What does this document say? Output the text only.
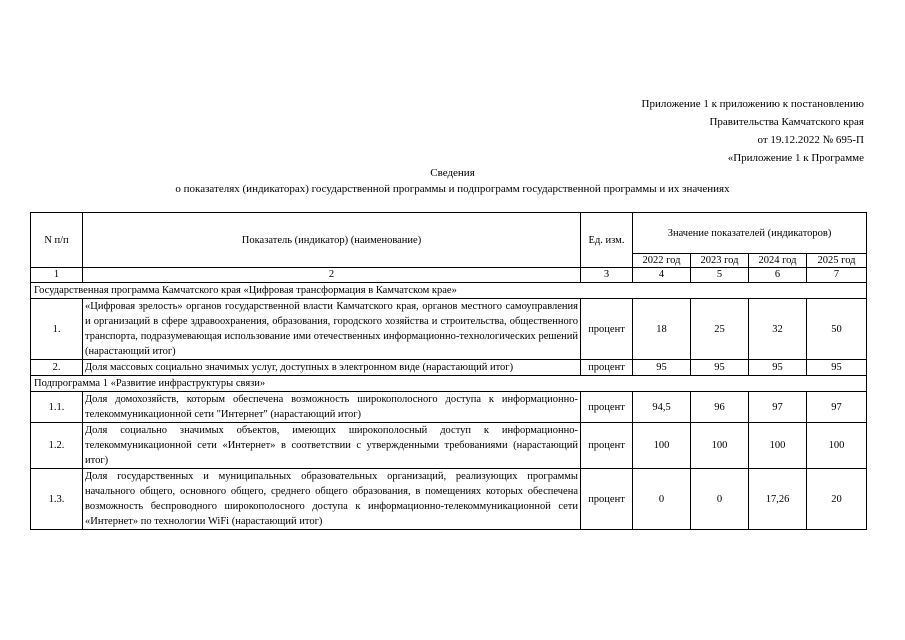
Приложение 1 к приложению к постановлению
Правительства Камчатского края
от 19.12.2022 № 695-П
«Приложение 1 к Программе
Сведения
о показателях (индикаторах) государственной программы и подпрограмм государственной программы и их значениях
N п/п	Показатель (индикатор) (наименование)	Ед. изм.	Значение показателей (индикаторов)			
			2022 год	2023 год	2024 год	2025 год
1	2	3	4	5	6	7
Государственная программа Камчатского края «Цифровая трансформация в Камчатском крае»						
1.	«Цифровая зрелость» органов государственной власти Камчатского края, органов местного самоуправления и организаций в сфере здравоохранения, образования, городского хозяйства и строительства, общественного транспорта, подразумевающая использование ими отечественных информационно-технологических решений (нарастающий итог)	процент	18	25	32	50
2.	Доля массовых социально значимых услуг, доступных в электронном виде (нарастающий итог)	процент	95	95	95	95
Подпрограмма 1 «Развитие инфраструктуры связи»						
1.1.	Доля домохозяйств, которым обеспечена возможность широкополосного доступа к информационно-телекоммуникационной сети "Интернет" (нарастающий итог)	процент	94,5	96	97	97
1.2.	Доля социально значимых объектов, имеющих широкополосный доступ к информационно-телекоммуникационной сети «Интернет» в соответствии с утвержденными требованиями (нарастающий итог)	процент	100	100	100	100
1.3.	Доля государственных и муниципальных образовательных организаций, реализующих программы начального общего, основного общего, среднего общего образования, в помещениях которых обеспечена возможность беспроводного широкополосного доступа к информационно-телекоммуникационной сети «Интернет» по технологии WiFi (нарастающий итог)	процент	0	0	17,26	20
